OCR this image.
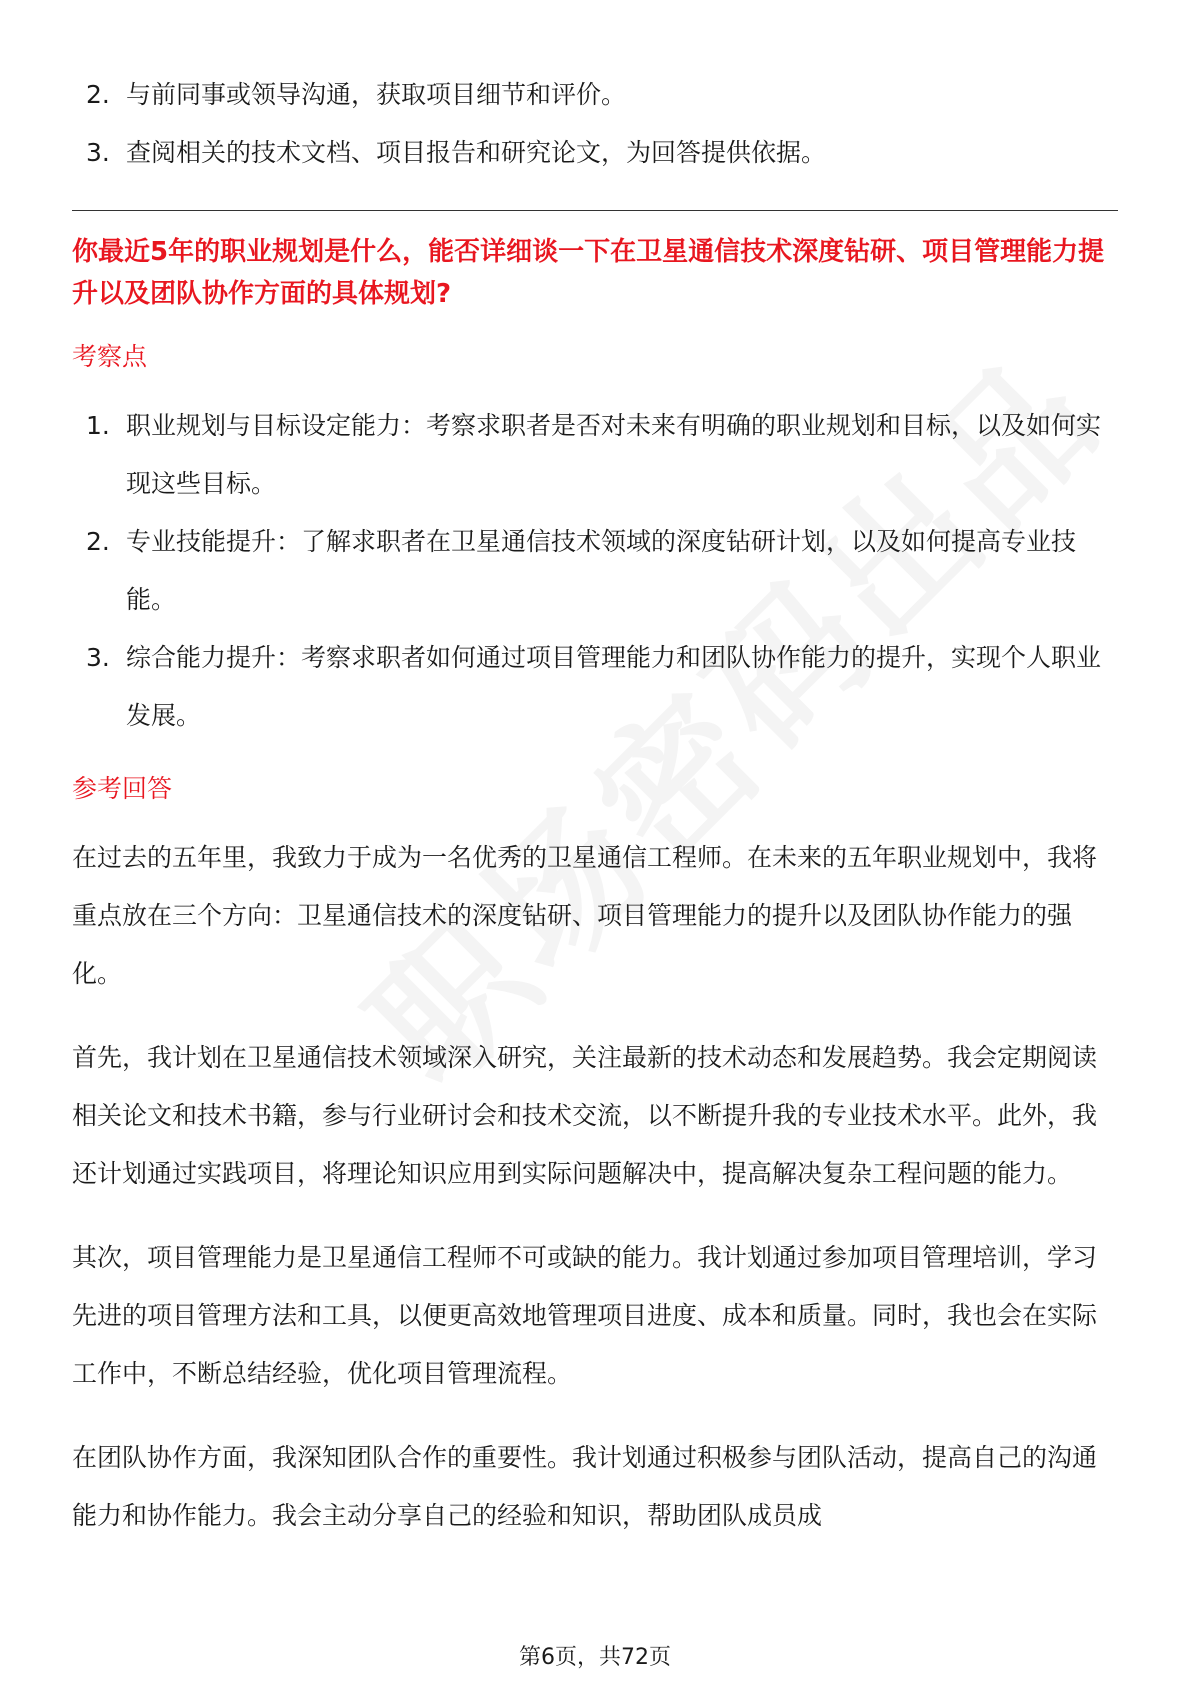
2. 与前同事或领导沟通，获取项目细节和评价。
3. 查阅相关的技术文档、项目报告和研究论文，为回答提供依据。

你最近5年的职业规划是什么，能否详细谈一下在卫星通信技术深度钻研、项目管理能力提升以及团队协作方面的具体规划?

考察点
1. 职业规划与目标设定能力：考察求职者是否对未来有明确的职业规划和目标，以及如何实现这些目标。
2. 专业技能提升：了解求职者在卫星通信技术领域的深度钻研计划，以及如何提高专业技能。
3. 综合能力提升：考察求职者如何通过项目管理能力和团队协作能力的提升，实现个人职业发展。
参考回答

在过去的五年里，我致力于成为一名优秀的卫星通信工程师。在未来的五年职业规划中，我将重点放在三个方向：卫星通信技术的深度钻研、项目管理能力的提升以及团队协作能力的强化。

首先，我计划在卫星通信技术领域深入研究，关注最新的技术动态和发展趋势。我会定期阅读相关论文和技术书籍，参与行业研讨会和技术交流，以不断提升我的专业技术水平。此外，我还计划通过实践项目，将理论知识应用到实际问题解决中，提高解决复杂工程问题的能力。

其次，项目管理能力是卫星通信工程师不可或缺的能力。我计划通过参加项目管理培训，学习先进的项目管理方法和工具，以便更高效地管理项目进度、成本和质量。同时，我也会在实际工作中，不断总结经验，优化项目管理流程。

在团队协作方面，我深知团队合作的重要性。我计划通过积极参与团队活动，提高自己的沟通能力和协作能力。我会主动分享自己的经验和知识，帮助团队成员成

第6页，共72页
